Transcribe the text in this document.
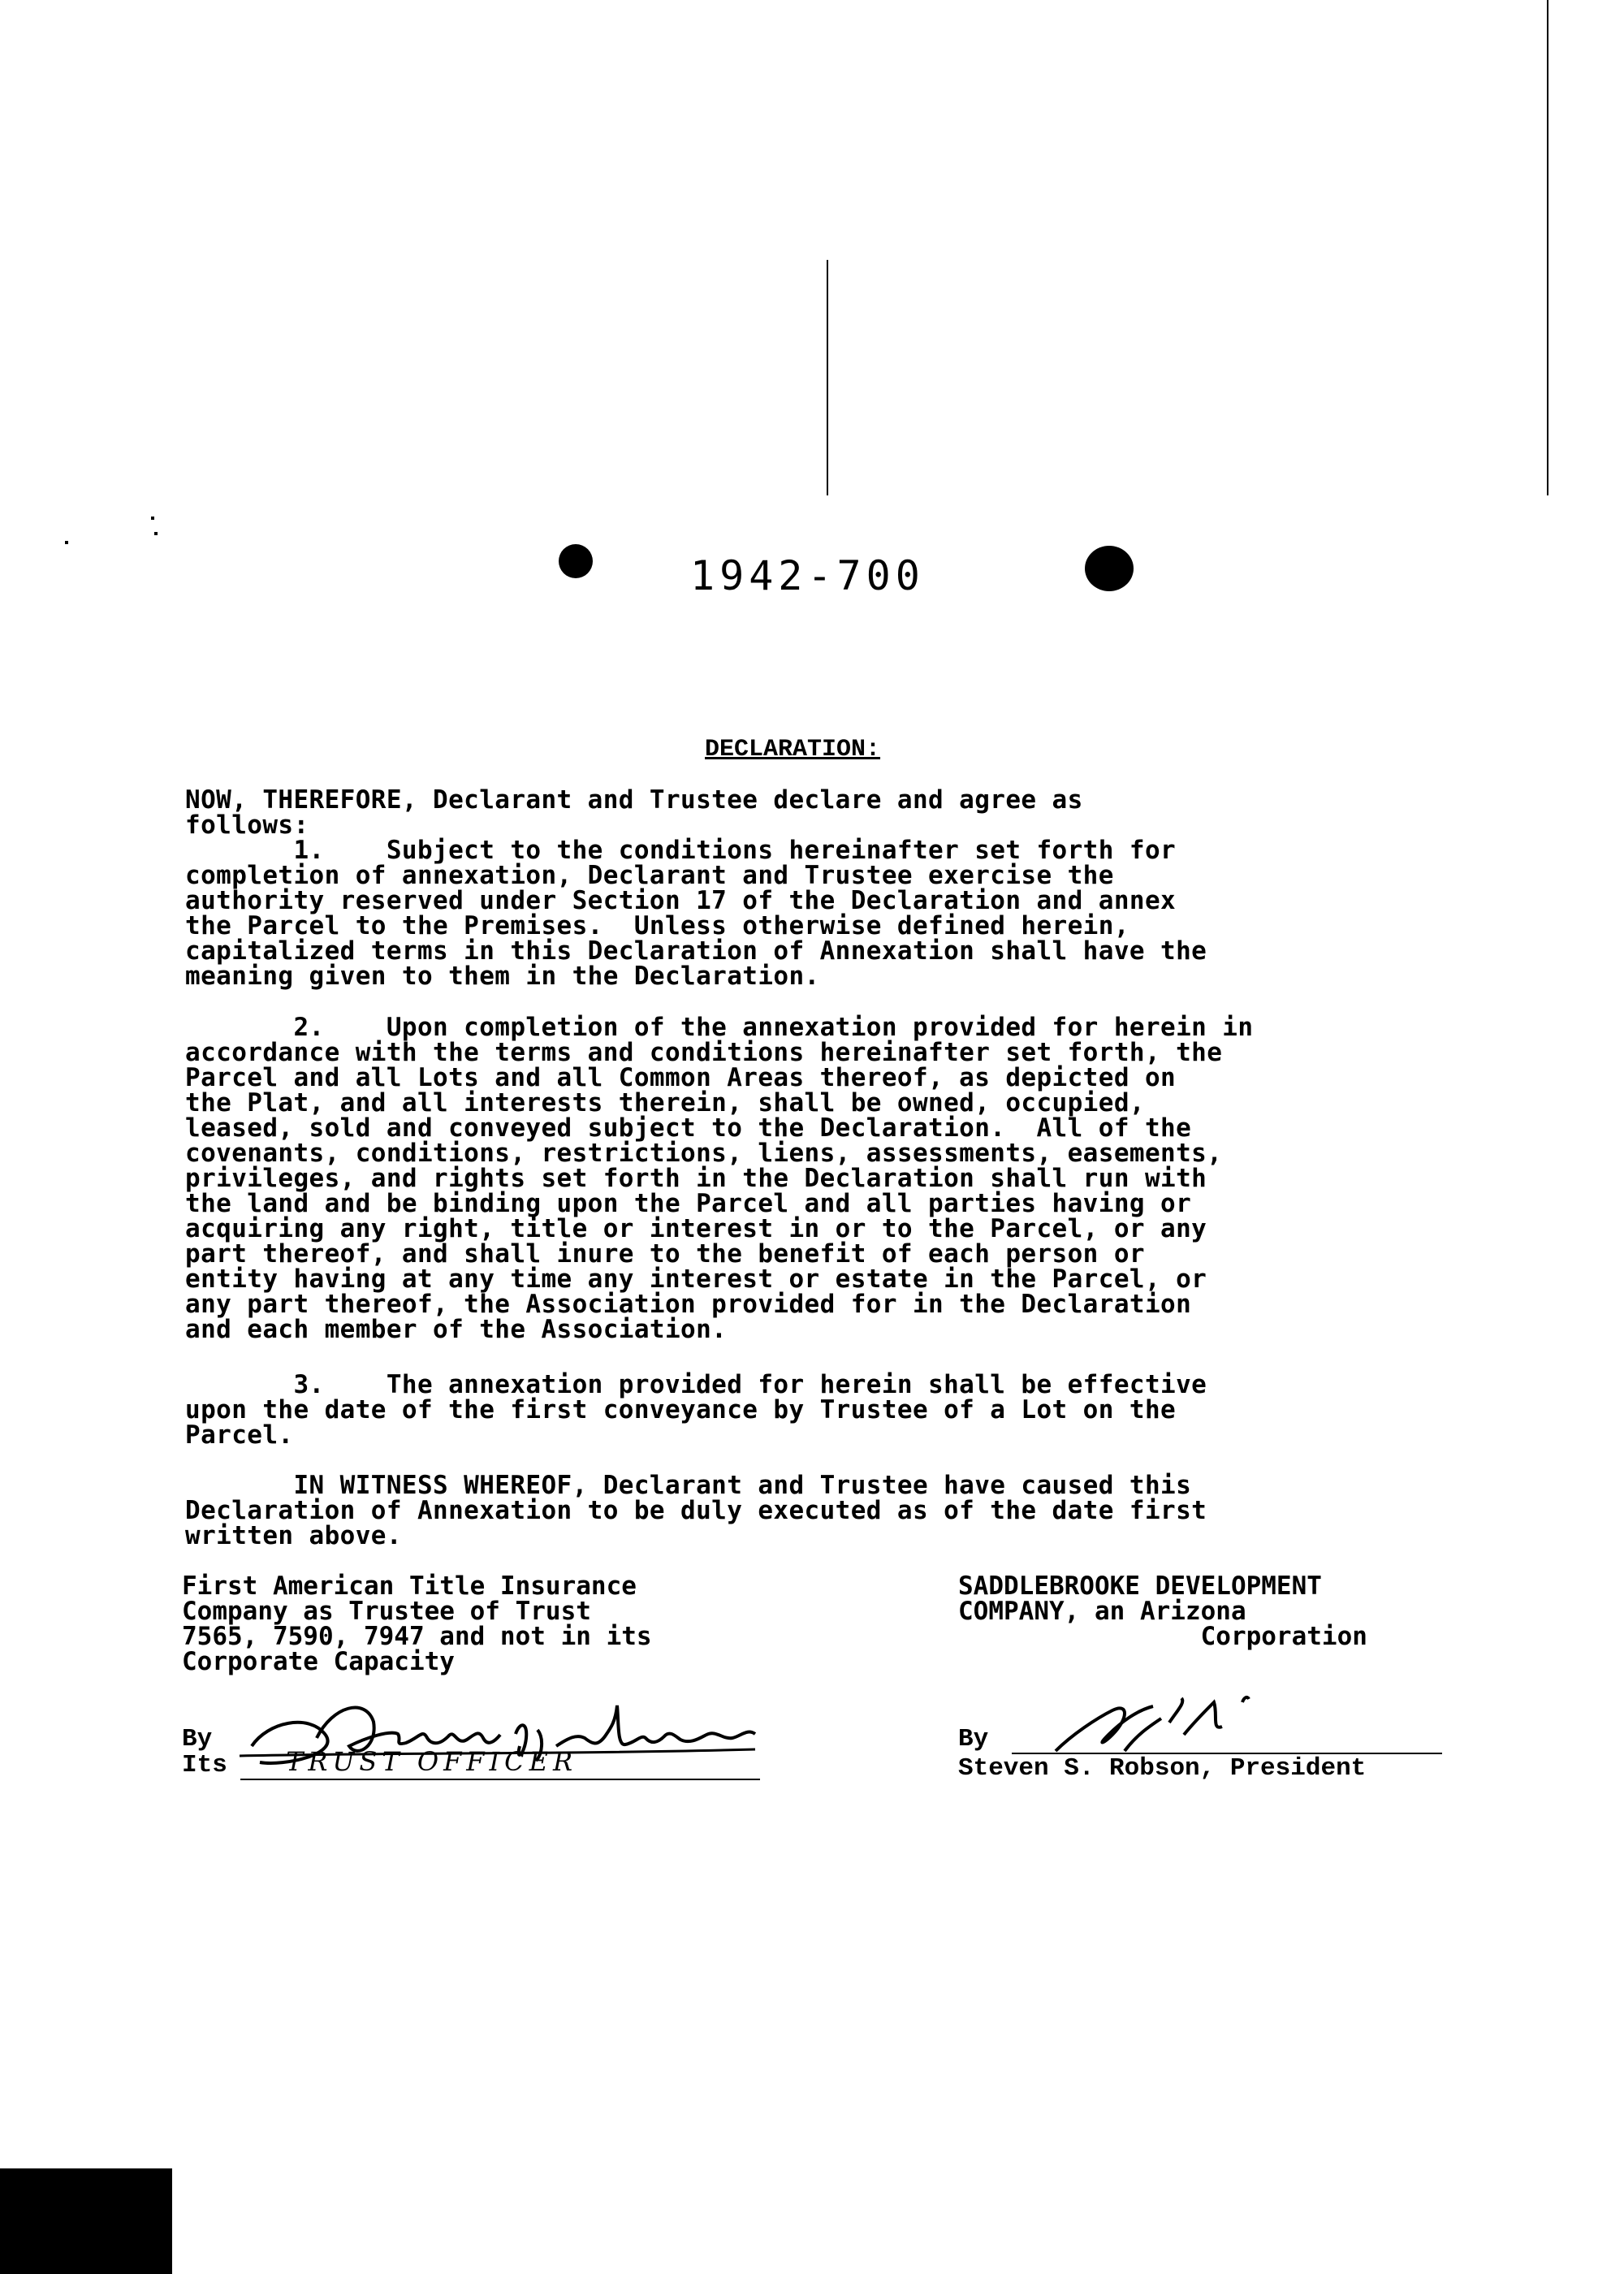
1942-700
DECLARATION:
NOW, THEREFORE, Declarant and Trustee declare and agree as
follows:
1.    Subject to the conditions hereinafter set forth for
completion of annexation, Declarant and Trustee exercise the
authority reserved under Section 17 of the Declaration and annex
the Parcel to the Premises.  Unless otherwise defined herein,
capitalized terms in this Declaration of Annexation shall have the
meaning given to them in the Declaration.
2.    Upon completion of the annexation provided for herein in
accordance with the terms and conditions hereinafter set forth, the
Parcel and all Lots and all Common Areas thereof, as depicted on
the Plat, and all interests therein, shall be owned, occupied,
leased, sold and conveyed subject to the Declaration.  All of the
covenants, conditions, restrictions, liens, assessments, easements,
privileges, and rights set forth in the Declaration shall run with
the land and be binding upon the Parcel and all parties having or
acquiring any right, title or interest in or to the Parcel, or any
part thereof, and shall inure to the benefit of each person or
entity having at any time any interest or estate in the Parcel, or
any part thereof, the Association provided for in the Declaration
and each member of the Association.
3.    The annexation provided for herein shall be effective
upon the date of the first conveyance by Trustee of a Lot on the
Parcel.
IN WITNESS WHEREOF, Declarant and Trustee have caused this
Declaration of Annexation to be duly executed as of the date first
written above.
First American Title Insurance
Company as Trustee of Trust
7565, 7590, 7947 and not in its
Corporate Capacity
By
Its TRUST OFFICER
SADDLEBROOKE DEVELOPMENT
COMPANY, an Arizona
Corporation
By
Steven S. Robson, President
